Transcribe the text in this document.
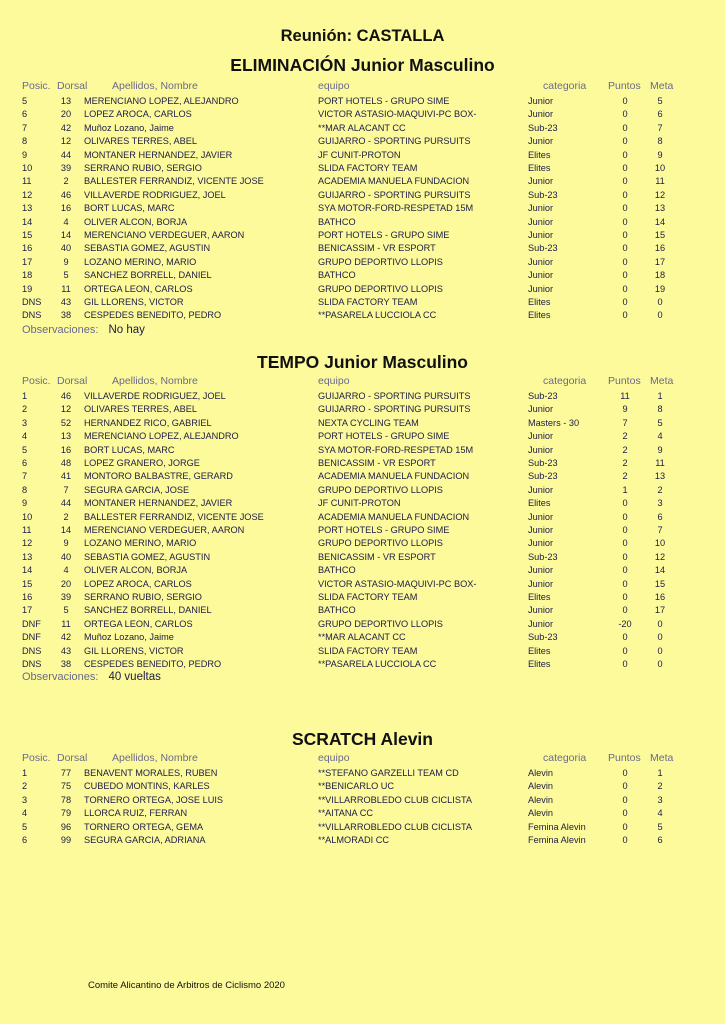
Reunión: CASTALLA
ELIMINACIÓN Junior Masculino
Posic. Dorsal Apellidos, Nombre	equipo	categoria Puntos Meta
5	13	MERENCIANO LOPEZ, ALEJANDRO	PORT HOTELS - GRUPO SIME	Junior	0	5
6	20	LOPEZ AROCA, CARLOS	VICTOR ASTASIO-MAQUIVI-PC BOX-	Junior	0	6
7	42	Muñoz Lozano, Jaime	**MAR ALACANT CC	Sub-23	0	7
8	12	OLIVARES TERRES, ABEL	GUIJARRO - SPORTING PURSUITS	Junior	0	8
9	44	MONTANER HERNANDEZ, JAVIER	JF CUNIT-PROTON	Elites	0	9
10	39	SERRANO RUBIO, SERGIO	SLIDA FACTORY TEAM	Elites	0	10
11	2	BALLESTER FERRANDIZ, VICENTE JOSE	ACADEMIA MANUELA FUNDACION	Junior	0	11
12	46	VILLAVERDE RODRIGUEZ, JOEL	GUIJARRO - SPORTING PURSUITS	Sub-23	0	12
13	16	BORT LUCAS, MARC	SYA MOTOR-FORD-RESPETAD 15M	Junior	0	13
14	4	OLIVER ALCON, BORJA	BATHCO	Junior	0	14
15	14	MERENCIANO VERDEGUER, AARON	PORT HOTELS - GRUPO SIME	Junior	0	15
16	40	SEBASTIA GOMEZ, AGUSTIN	BENICASSIM - VR ESPORT	Sub-23	0	16
17	9	LOZANO MERINO, MARIO	GRUPO DEPORTIVO LLOPIS	Junior	0	17
18	5	SANCHEZ BORRELL, DANIEL	BATHCO	Junior	0	18
19	11	ORTEGA LEON, CARLOS	GRUPO DEPORTIVO LLOPIS	Junior	0	19
DNS	43	GIL LLORENS, VICTOR	SLIDA FACTORY TEAM	Elites	0	0
DNS	38	CESPEDES BENEDITO, PEDRO	**PASARELA LUCCIOLA CC	Elites	0	0
Observaciones: No hay
TEMPO Junior Masculino
Posic. Dorsal Apellidos, Nombre	equipo	categoria Puntos Meta
1	46	VILLAVERDE RODRIGUEZ, JOEL	GUIJARRO - SPORTING PURSUITS	Sub-23	11	1
2	12	OLIVARES TERRES, ABEL	GUIJARRO - SPORTING PURSUITS	Junior	9	8
3	52	HERNANDEZ RICO, GABRIEL	NEXTA CYCLING TEAM	Masters - 30	7	5
4	13	MERENCIANO LOPEZ, ALEJANDRO	PORT HOTELS - GRUPO SIME	Junior	2	4
5	16	BORT LUCAS, MARC	SYA MOTOR-FORD-RESPETAD 15M	Junior	2	9
6	48	LOPEZ GRANERO, JORGE	BENICASSIM - VR ESPORT	Sub-23	2	11
7	41	MONTORO BALBASTRE, GERARD	ACADEMIA MANUELA FUNDACION	Sub-23	2	13
8	7	SEGURA GARCIA, JOSE	GRUPO DEPORTIVO LLOPIS	Junior	1	2
9	44	MONTANER HERNANDEZ, JAVIER	JF CUNIT-PROTON	Elites	0	3
10	2	BALLESTER FERRANDIZ, VICENTE JOSE	ACADEMIA MANUELA FUNDACION	Junior	0	6
11	14	MERENCIANO VERDEGUER, AARON	PORT HOTELS - GRUPO SIME	Junior	0	7
12	9	LOZANO MERINO, MARIO	GRUPO DEPORTIVO LLOPIS	Junior	0	10
13	40	SEBASTIA GOMEZ, AGUSTIN	BENICASSIM - VR ESPORT	Sub-23	0	12
14	4	OLIVER ALCON, BORJA	BATHCO	Junior	0	14
15	20	LOPEZ AROCA, CARLOS	VICTOR ASTASIO-MAQUIVI-PC BOX-	Junior	0	15
16	39	SERRANO RUBIO, SERGIO	SLIDA FACTORY TEAM	Elites	0	16
17	5	SANCHEZ BORRELL, DANIEL	BATHCO	Junior	0	17
DNF	11	ORTEGA LEON, CARLOS	GRUPO DEPORTIVO LLOPIS	Junior	-20	0
DNF	42	Muñoz Lozano, Jaime	**MAR ALACANT CC	Sub-23	0	0
DNS	43	GIL LLORENS, VICTOR	SLIDA FACTORY TEAM	Elites	0	0
DNS	38	CESPEDES BENEDITO, PEDRO	**PASARELA LUCCIOLA CC	Elites	0	0
Observaciones: 40 vueltas
SCRATCH Alevin
Posic. Dorsal Apellidos, Nombre	equipo	categoria Puntos Meta
1	77	BENAVENT MORALES, RUBEN	**STEFANO GARZELLI TEAM CD	Alevin	0	1
2	75	CUBEDO MONTINS, KARLES	**BENICARLO UC	Alevin	0	2
3	78	TORNERO ORTEGA, JOSE LUIS	**VILLARROBLEDO CLUB CICLISTA	Alevin	0	3
4	79	LLORCA RUIZ, FERRAN	**AITANA CC	Alevin	0	4
5	96	TORNERO ORTEGA, GEMA	**VILLARROBLEDO CLUB CICLISTA	Femina Alevin	0	5
6	99	SEGURA GARCIA, ADRIANA	**ALMORADI CC	Femina Alevin	0	6
Comite Alicantino de Arbitros de Ciclismo 2020
